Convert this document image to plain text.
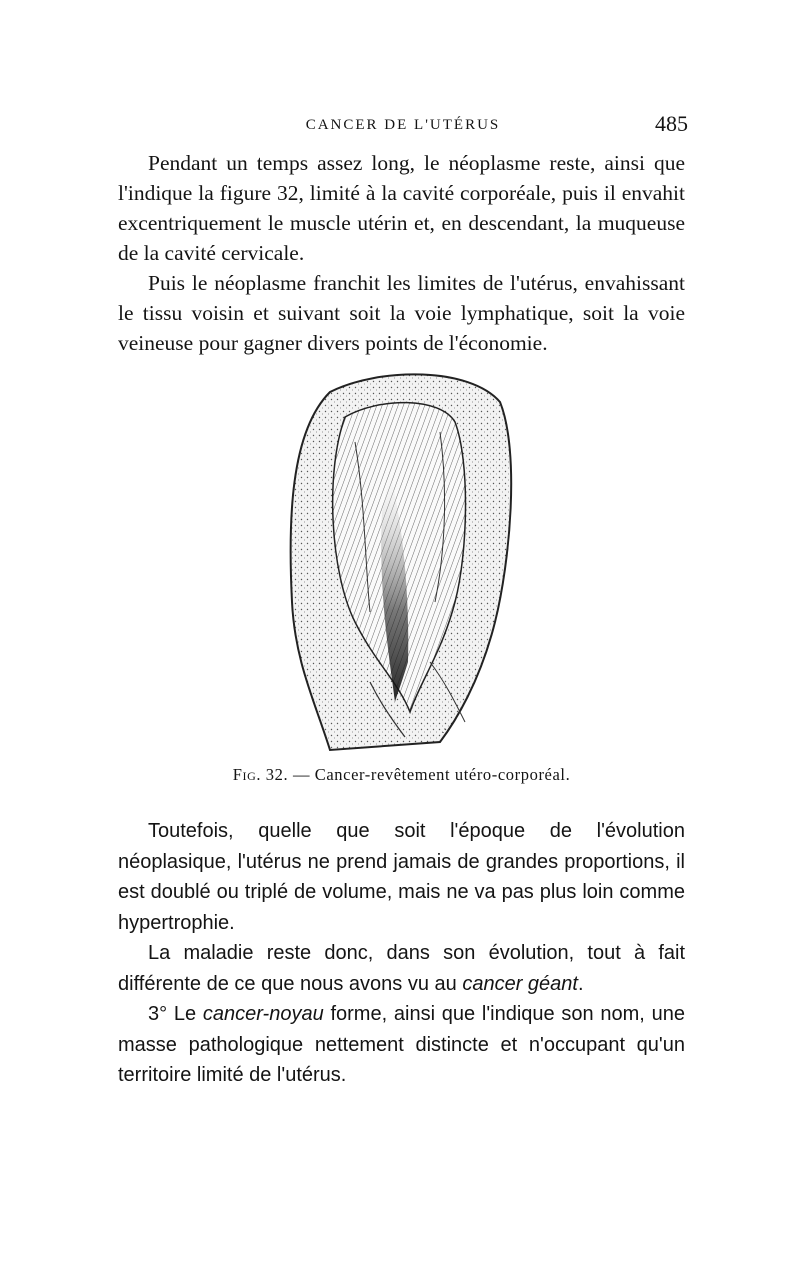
CANCER DE L'UTÉRUS	485

Pendant un temps assez long, le néoplasme reste, ainsi que l'indique la figure 32, limité à la cavité corporéale, puis il envahit excentriquement le muscle utérin et, en descendant, la muqueuse de la cavité cervicale.

Puis le néoplasme franchit les limites de l'utérus, envahissant le tissu voisin et suivant soit la voie lymphatique, soit la voie veineuse pour gagner divers points de l'économie.

∴
Fig. 32. — Cancer-revêtement utéro-corporéal.

Toutefois, quelle que soit l'époque de l'évolution néoplasique, l'utérus ne prend jamais de grandes proportions, il est doublé ou triplé de volume, mais ne va pas plus loin comme hypertrophie.

La maladie reste donc, dans son évolution, tout à fait différente de ce que nous avons vu au cancer géant.

3° Le cancer-noyau forme, ainsi que l'indique son nom, une masse pathologique nettement distincte et n'occupant qu'un territoire limité de l'utérus.
